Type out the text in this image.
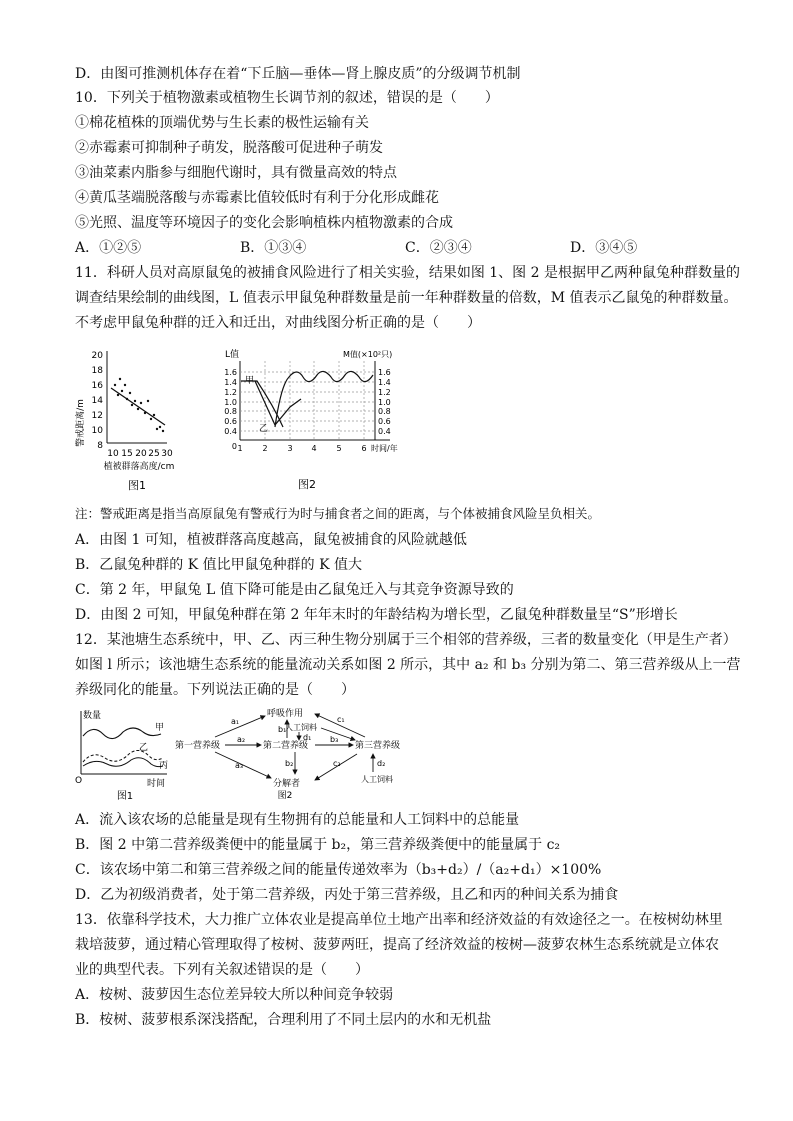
D．由图可推测机体存在着“下丘脑—垂体—肾上腺皮质”的分级调节机制
10．下列关于植物激素或植物生长调节剂的叙述，错误的是（　　）
①棉花植株的顶端优势与生长素的极性运输有关
②赤霉素可抑制种子萌发，脱落酸可促进种子萌发
③油菜素内脂参与细胞代谢时，具有微量高效的特点
④黄瓜茎端脱落酸与赤霉素比值较低时有利于分化形成雌花
⑤光照、温度等环境因子的变化会影响植株内植物激素的合成
A．①②⑤	B．①③④	C．②③④	D．③④⑤
11．科研人员对高原鼠兔的被捕食风险进行了相关实验，结果如图 1、图 2 是根据甲乙两种鼠兔种群数量的
调查结果绘制的曲线图，L 值表示甲鼠兔种群数量是前一年种群数量的倍数，M 值表示乙鼠兔的种群数量。
不考虑甲鼠兔种群的迁入和迁出，对曲线图分析正确的是（　　）
警戒距离/m
20
18
16
14
12
10
8
10 15 20 25 30
植被群落高度/cm
图1
L值	M值(×10²只)
1.6
1.4
1.2
1.0
0.8
0.6
0.4
1.6
1.4
1.2
1.0
0.8
0.6
0.4
甲
乙
0 1 2 3 4 5 6 时间/年
图2
注：警戒距离是指当高原鼠兔有警戒行为时与捕食者之间的距离，与个体被捕食风险呈负相关。
A．由图 1 可知，植被群落高度越高，鼠兔被捕食的风险就越低
B．乙鼠兔种群的 K 值比甲鼠兔种群的 K 值大
C．第 2 年，甲鼠兔 L 值下降可能是由乙鼠兔迁入与其竞争资源导致的
D．由图 2 可知，甲鼠兔种群在第 2 年年末时的年龄结构为增长型，乙鼠兔种群数量呈“S”形增长
12．某池塘生态系统中，甲、乙、丙三种生物分别属于三个相邻的营养级，三者的数量变化（甲是生产者）
如图 l 所示；该池塘生态系统的能量流动关系如图 2 所示，其中 a₂ 和 b₃ 分别为第二、第三营养级从上一营
养级同化的能量。下列说法正确的是（　　）
数量
O
甲
乙
丙
时间
图1
第一营养级	第二营养级	第三营养级
呼吸作用
人工饲料
分解者	人工饲料
a₁
a₂
a₃
b₁
b₂
b₃
c₁
c₂
d₁
d₂
图2
A．流入该农场的总能量是现有生物拥有的总能量和人工饲料中的总能量
B．图 2 中第二营养级粪便中的能量属于 b₂，第三营养级粪便中的能量属于 c₂
C．该农场中第二和第三营养级之间的能量传递效率为（b₃+d₂）/（a₂+d₁）×100%
D．乙为初级消费者，处于第二营养级，丙处于第三营养级，且乙和丙的种间关系为捕食
13．依靠科学技术，大力推广立体农业是提高单位土地产出率和经济效益的有效途径之一。在桉树幼林里
栽培菠萝，通过精心管理取得了桉树、菠萝两旺，提高了经济效益的桉树—菠萝农林生态系统就是立体农
业的典型代表。下列有关叙述错误的是（　　）
A．桉树、菠萝因生态位差异较大所以种间竞争较弱
B．桉树、菠萝根系深浅搭配，合理利用了不同土层内的水和无机盐
